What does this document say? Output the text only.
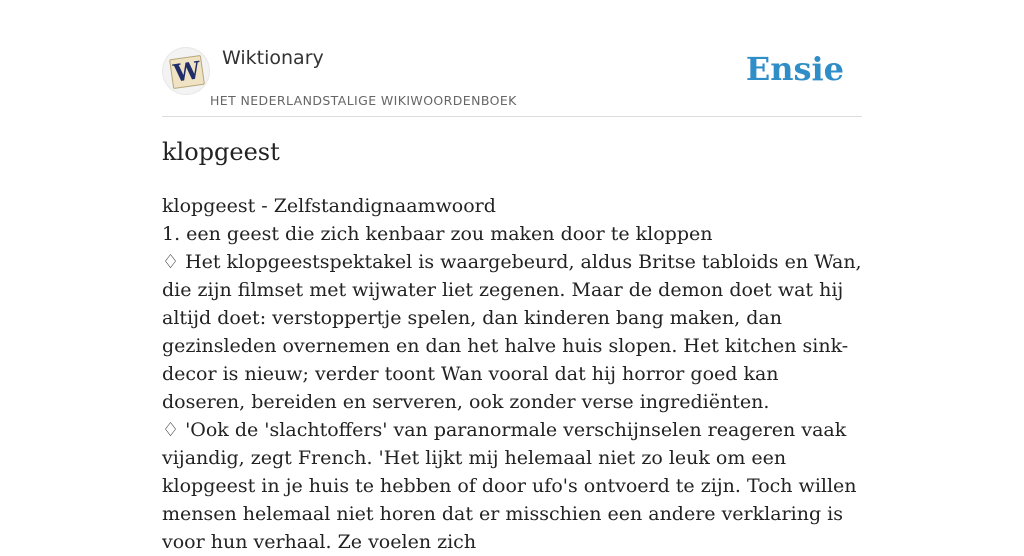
W Wiktionary
HET NEDERLANDSTALIGE WIKIWOORDENBOEK
Ensie
klopgeest

klopgeest - Zelfstandignaamwoord

1. een geest die zich kenbaar zou maken door te kloppen

♢ Het klopgeestspektakel is waargebeurd, aldus Britse tabloids en Wan, die zijn filmset met wijwater liet zegenen. Maar de demon doet wat hij altijd doet: verstoppertje spelen, dan kinderen bang maken, dan gezinsleden overnemen en dan het halve huis slopen. Het kitchen sink-decor is nieuw; verder toont Wan vooral dat hij horror goed kan doseren, bereiden en serveren, ook zonder verse ingrediënten.

♢ 'Ook de 'slachtoffers' van paranormale verschijnselen reageren vaak vijandig, zegt French. 'Het lijkt mij helemaal niet zo leuk om een klopgeest in je huis te hebben of door ufo's ontvoerd te zijn. Toch willen mensen helemaal niet horen dat er misschien een andere verklaring is voor hun verhaal. Ze voelen zich
